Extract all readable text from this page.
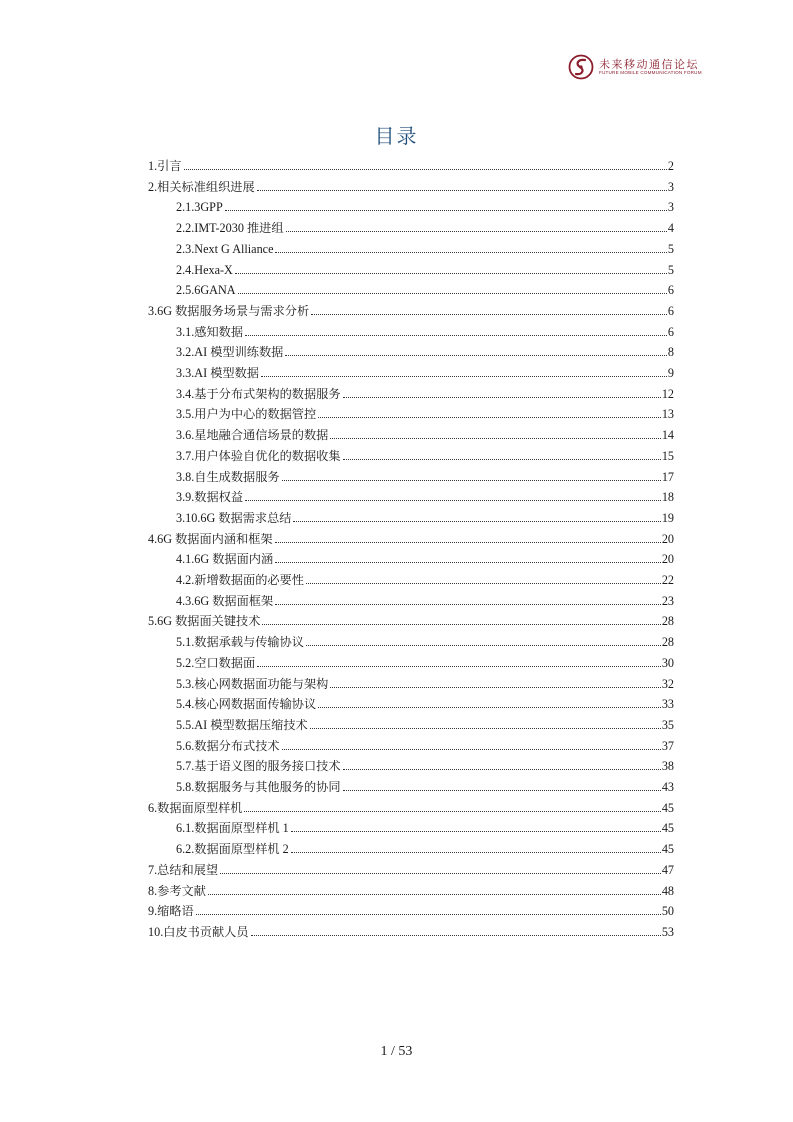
未来移动通信论坛
FUTURE MOBILE COMMUNICATION FORUM
目录
1.引言	2
2.相关标准组织进展	3
2.1.3GPP	3
2.2.IMT-2030 推进组	4
2.3.Next G Alliance	5
2.4.Hexa-X	5
2.5.6GANA	6
3.6G 数据服务场景与需求分析	6
3.1.感知数据	6
3.2.AI 模型训练数据	8
3.3.AI 模型数据	9
3.4.基于分布式架构的数据服务	12
3.5.用户为中心的数据管控	13
3.6.星地融合通信场景的数据	14
3.7.用户体验自优化的数据收集	15
3.8.自生成数据服务	17
3.9.数据权益	18
3.10.6G 数据需求总结	19
4.6G 数据面内涵和框架	20
4.1.6G 数据面内涵	20
4.2.新增数据面的必要性	22
4.3.6G 数据面框架	23
5.6G 数据面关键技术	28
5.1.数据承载与传输协议	28
5.2.空口数据面	30
5.3.核心网数据面功能与架构	32
5.4.核心网数据面传输协议	33
5.5.AI 模型数据压缩技术	35
5.6.数据分布式技术	37
5.7.基于语义图的服务接口技术	38
5.8.数据服务与其他服务的协同	43
6.数据面原型样机	45
6.1.数据面原型样机 1	45
6.2.数据面原型样机 2	45
7.总结和展望	47
8.参考文献	48
9.缩略语	50
10.白皮书贡献人员	53
1 / 53
